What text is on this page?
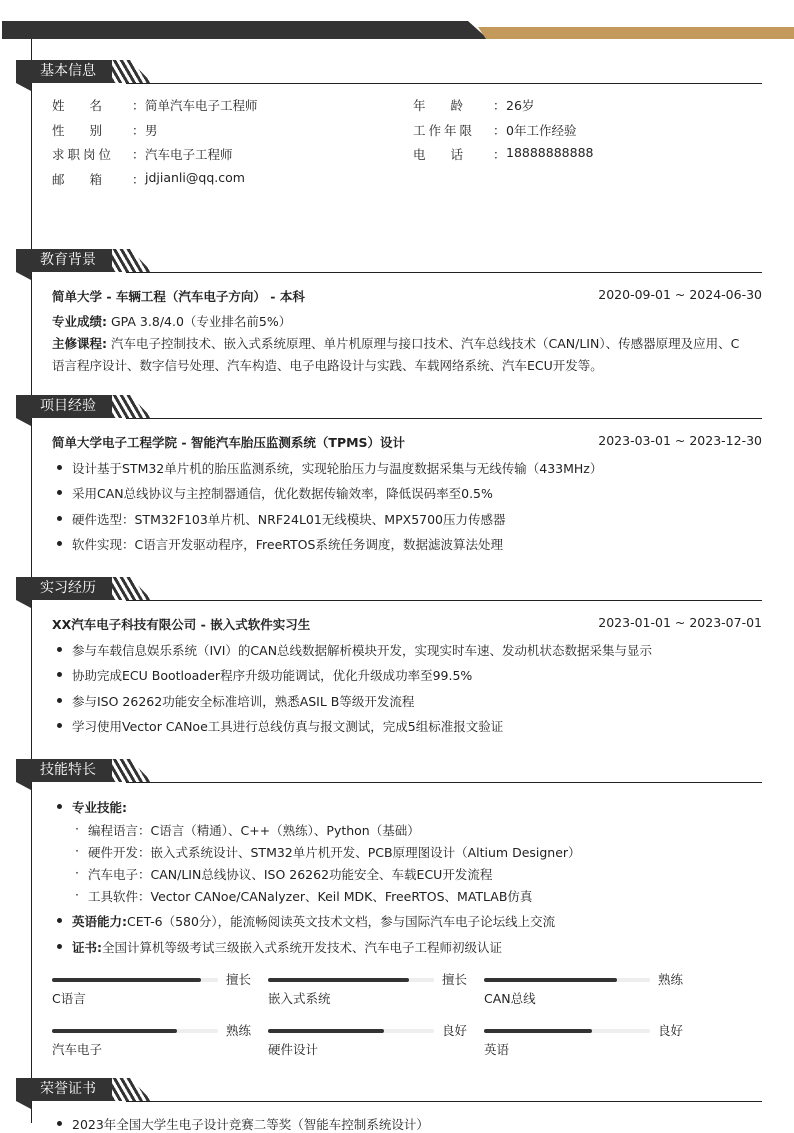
基本信息
姓　　名 ： 简单汽车电子工程师
性　　别 ： 男
求职岗位 ： 汽车电子工程师
邮　　箱 ： jdjianli@qq.com
年　　龄 ： 26岁
工作年限 ： 0年工作经验
电　　话 ： 18888888888
教育背景
简单大学 - 车辆工程（汽车电子方向） - 本科	2020-09-01 ~ 2024-06-30
专业成绩: GPA 3.8/4.0（专业排名前5%）
主修课程: 汽车电子控制技术、嵌入式系统原理、单片机原理与接口技术、汽车总线技术（CAN/LIN）、传感器原理及应用、C
语言程序设计、数字信号处理、汽车构造、电子电路设计与实践、车载网络系统、汽车ECU开发等。
项目经验
简单大学电子工程学院 - 智能汽车胎压监测系统（TPMS）设计	2023-03-01 ~ 2023-12-30
设计基于STM32单片机的胎压监测系统，实现轮胎压力与温度数据采集与无线传输（433MHz）
采用CAN总线协议与主控制器通信，优化数据传输效率，降低误码率至0.5%
硬件选型：STM32F103单片机、NRF24L01无线模块、MPX5700压力传感器
软件实现：C语言开发驱动程序，FreeRTOS系统任务调度，数据滤波算法处理
实习经历
XX汽车电子科技有限公司 - 嵌入式软件实习生	2023-01-01 ~ 2023-07-01
参与车载信息娱乐系统（IVI）的CAN总线数据解析模块开发，实现实时车速、发动机状态数据采集与显示
协助完成ECU Bootloader程序升级功能调试，优化升级成功率至99.5%
参与ISO 26262功能安全标准培训，熟悉ASIL B等级开发流程
学习使用Vector CANoe工具进行总线仿真与报文测试，完成5组标准报文验证
技能特长
专业技能:
· 编程语言：C语言（精通）、C++（熟练）、Python（基础）
· 硬件开发：嵌入式系统设计、STM32单片机开发、PCB原理图设计（Altium Designer）
· 汽车电子：CAN/LIN总线协议、ISO 26262功能安全、车载ECU开发流程
· 工具软件：Vector CANoe/CANalyzer、Keil MDK、FreeRTOS、MATLAB仿真
英语能力:CET-6（580分），能流畅阅读英文技术文档，参与国际汽车电子论坛线上交流
证书:全国计算机等级考试三级嵌入式系统开发技术、汽车电子工程师初级认证
擅长
C语言
擅长
嵌入式系统
熟练
CAN总线
熟练
汽车电子
良好
硬件设计
良好
英语
荣誉证书
2023年全国大学生电子设计竞赛二等奖（智能车控制系统设计）
